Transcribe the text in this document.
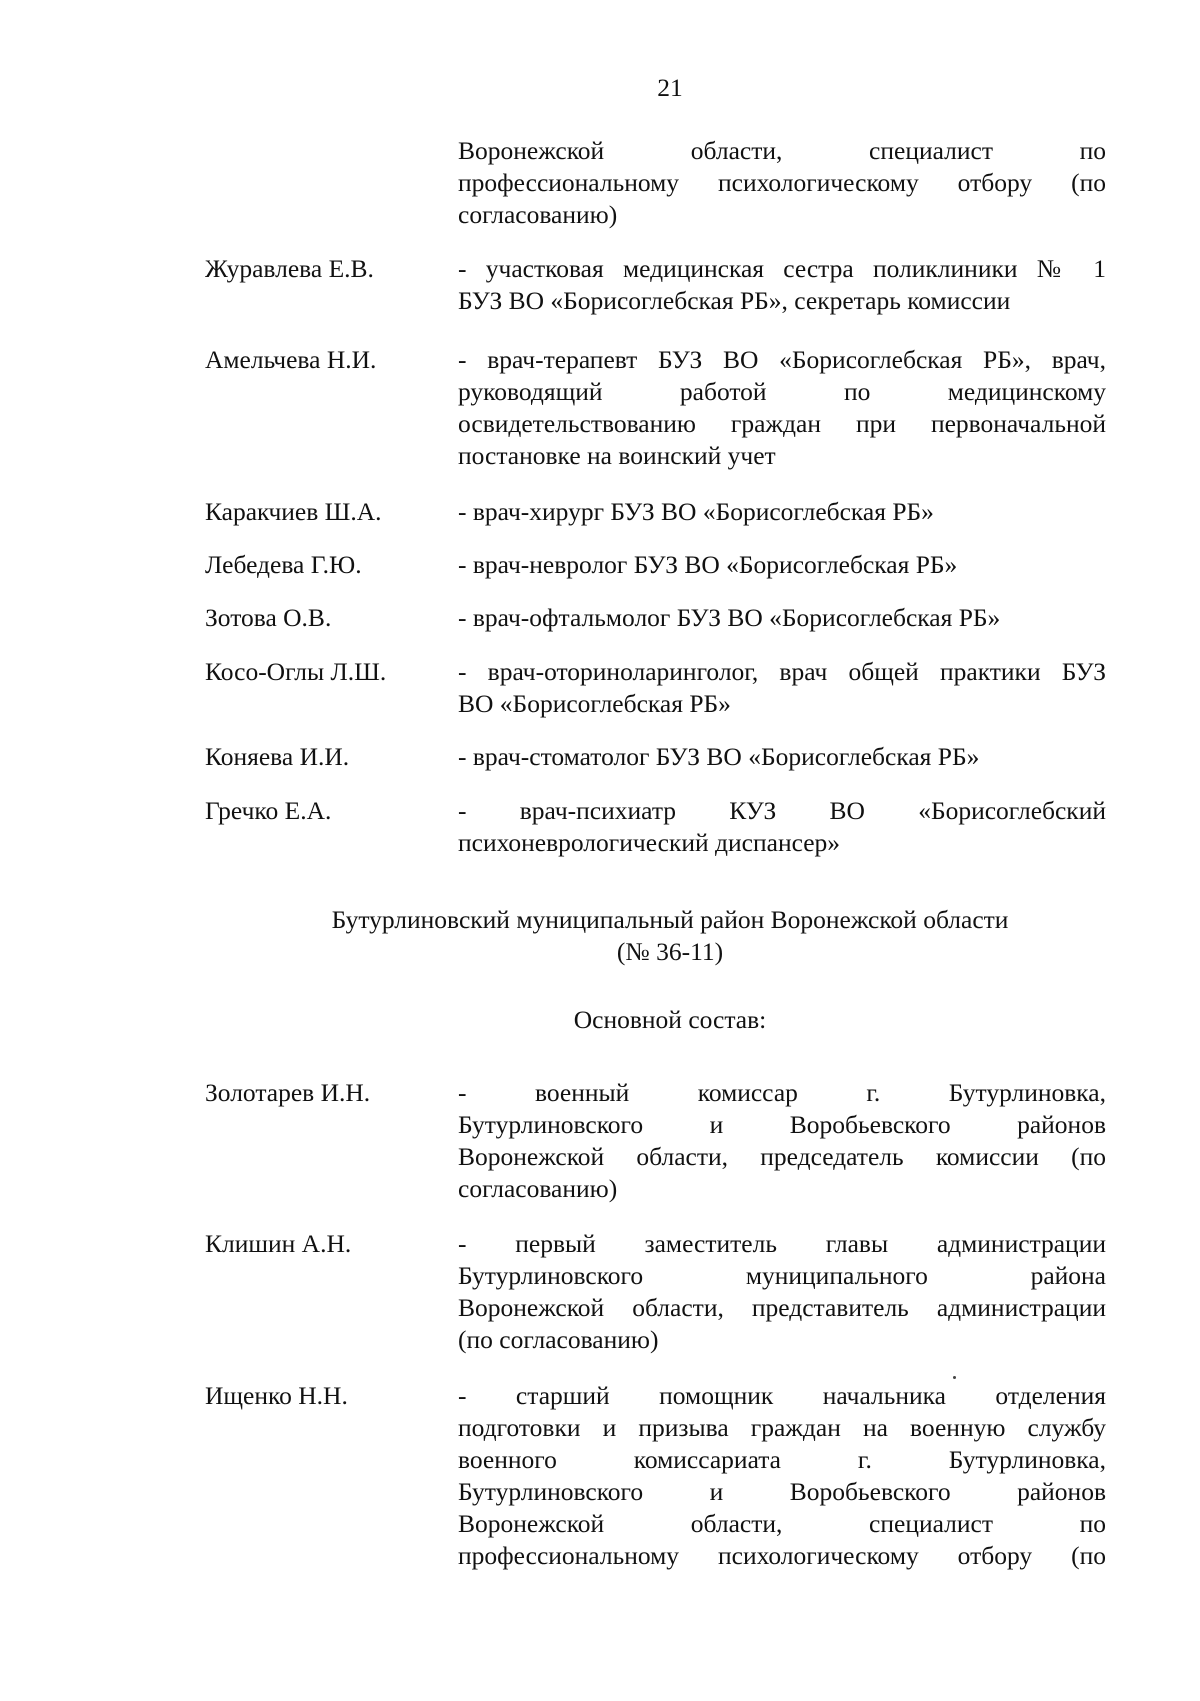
21
Воронежской области, специалист по
профессиональному психологическому отбору (по
согласованию)
Журавлева Е.В.	- участковая медицинская сестра поликлиники № 1
БУЗ ВО «Борисоглебская РБ», секретарь комиссии
Амельчева Н.И.	- врач-терапевт БУЗ ВО «Борисоглебская РБ», врач,
руководящий работой по медицинскому
освидетельствованию граждан при первоначальной
постановке на воинский учет
Каракчиев Ш.А.	- врач-хирург БУЗ ВО «Борисоглебская РБ»
Лебедева Г.Ю.	- врач-невролог БУЗ ВО «Борисоглебская РБ»
Зотова О.В.	- врач-офтальмолог БУЗ ВО «Борисоглебская РБ»
Косо-Оглы Л.Ш.	- врач-оториноларинголог, врач общей практики БУЗ
ВО «Борисоглебская РБ»
Коняева И.И.	- врач-стоматолог БУЗ ВО «Борисоглебская РБ»
Гречко Е.А.	- врач-психиатр КУЗ ВО «Борисоглебский
психоневрологический диспансер»
Бутурлиновский муниципальный район Воронежской области
(№ 36-11)
Основной состав:
Золотарев И.Н.	- военный комиссар г. Бутурлиновка,
Бутурлиновского и Воробьевского районов
Воронежской области, председатель комиссии (по
согласованию)
Клишин А.Н.	- первый заместитель главы администрации
Бутурлиновского муниципального района
Воронежской области, представитель администрации
(по согласованию)
Ищенко Н.Н.	- старший помощник начальника отделения
подготовки и призыва граждан на военную службу
военного комиссариата г. Бутурлиновка,
Бутурлиновского и Воробьевского районов
Воронежской области, специалист по
профессиональному психологическому отбору (по
